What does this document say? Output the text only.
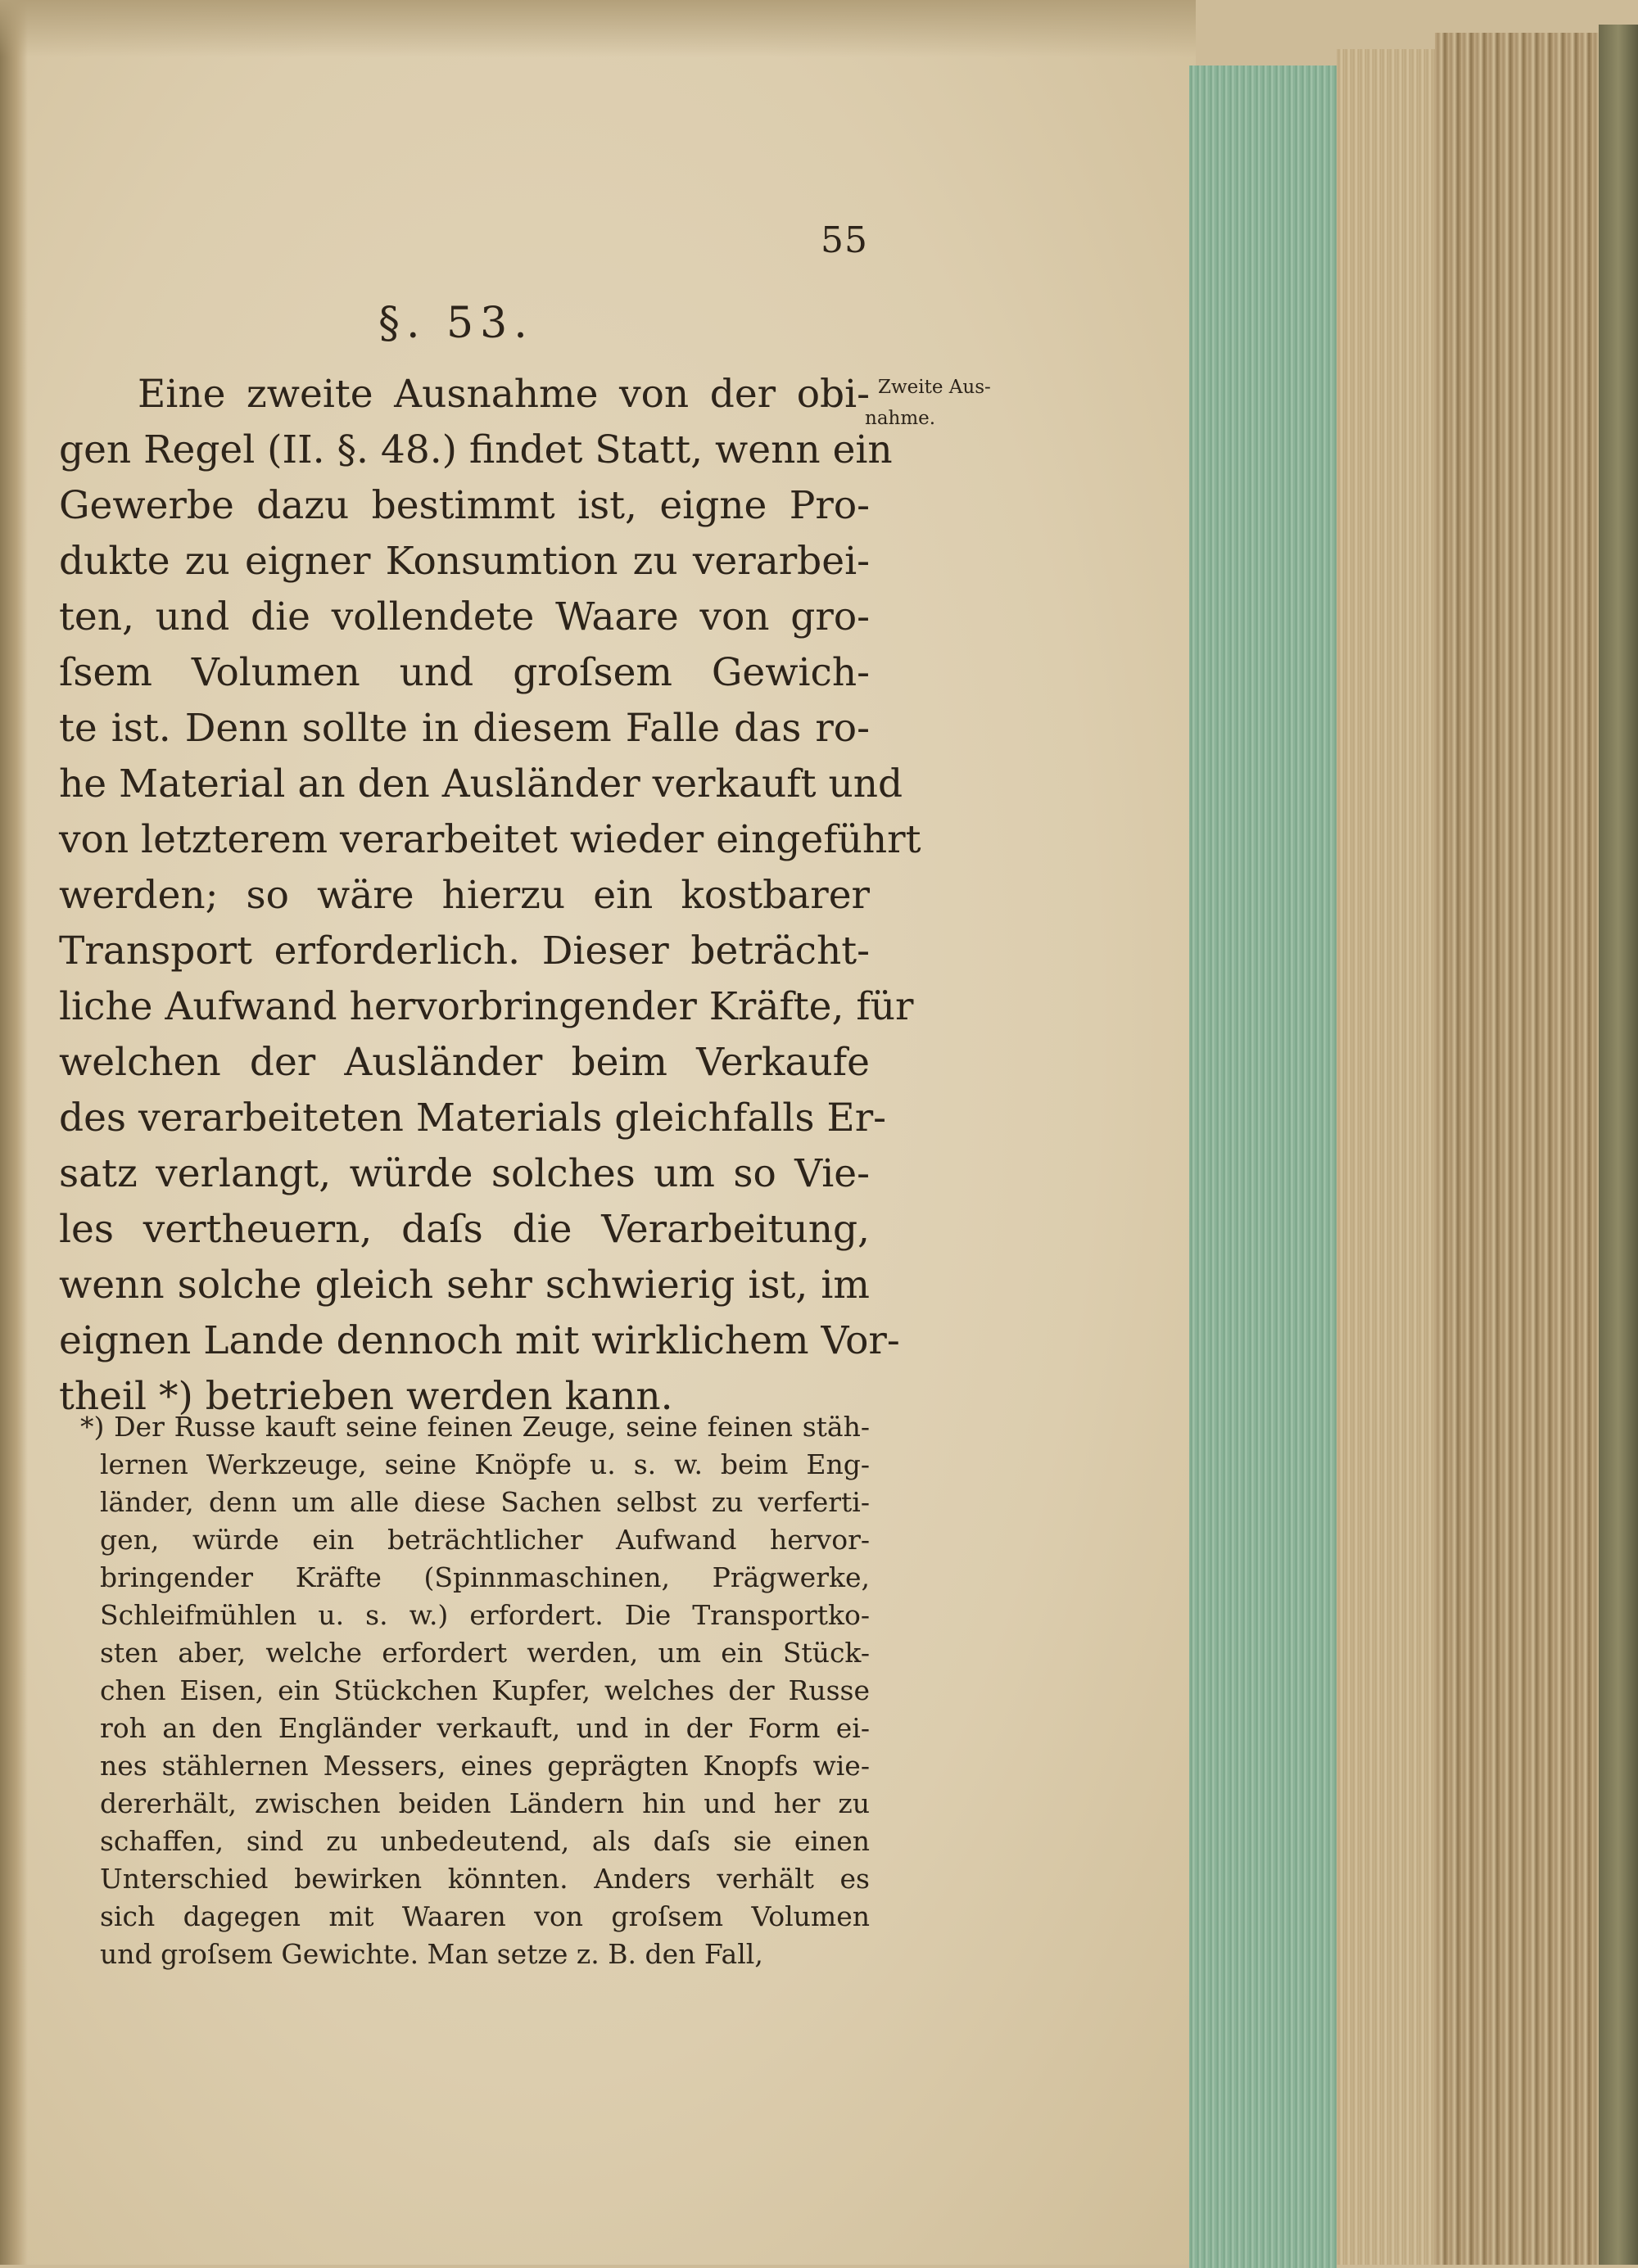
55
§. 53.
Zweite Aus-
nahme.
Eine zweite Ausnahme von der obi-
gen Regel (II. §. 48.) findet Statt, wenn ein
Gewerbe dazu bestimmt ist, eigne Pro-
dukte zu eigner Konsumtion zu verarbei-
ten, und die vollendete Waare von gro-
ſsem Volumen und groſsem Gewich-
te ist. Denn sollte in diesem Falle das ro-
he Material an den Ausländer verkauft und
von letzterem verarbeitet wieder eingeführt
werden; so wäre hierzu ein kostbarer
Transport erforderlich. Dieser beträcht-
liche Aufwand hervorbringender Kräfte, für
welchen der Ausländer beim Verkaufe
des verarbeiteten Materials gleichfalls Er-
satz verlangt, würde solches um so Vie-
les vertheuern, daſs die Verarbeitung,
wenn solche gleich sehr schwierig ist, im
eignen Lande dennoch mit wirklichem Vor-
theil *) betrieben werden kann.
*) Der Russe kauft seine feinen Zeuge, seine feinen stäh-
lernen Werkzeuge, seine Knöpfe u. s. w. beim Eng-
länder, denn um alle diese Sachen selbst zu verferti-
gen, würde ein beträchtlicher Aufwand hervor-
bringender Kräfte (Spinnmaschinen, Prägwerke,
Schleifmühlen u. s. w.) erfordert. Die Transportko-
sten aber, welche erfordert werden, um ein Stück-
chen Eisen, ein Stückchen Kupfer, welches der Russe
roh an den Engländer verkauft, und in der Form ei-
nes stählernen Messers, eines geprägten Knopfs wie-
dererhält, zwischen beiden Ländern hin und her zu
schaffen, sind zu unbedeutend, als daſs sie einen
Unterschied bewirken könnten. Anders verhält es
sich dagegen mit Waaren von groſsem Volumen
und groſsem Gewichte. Man setze z. B. den Fall,
